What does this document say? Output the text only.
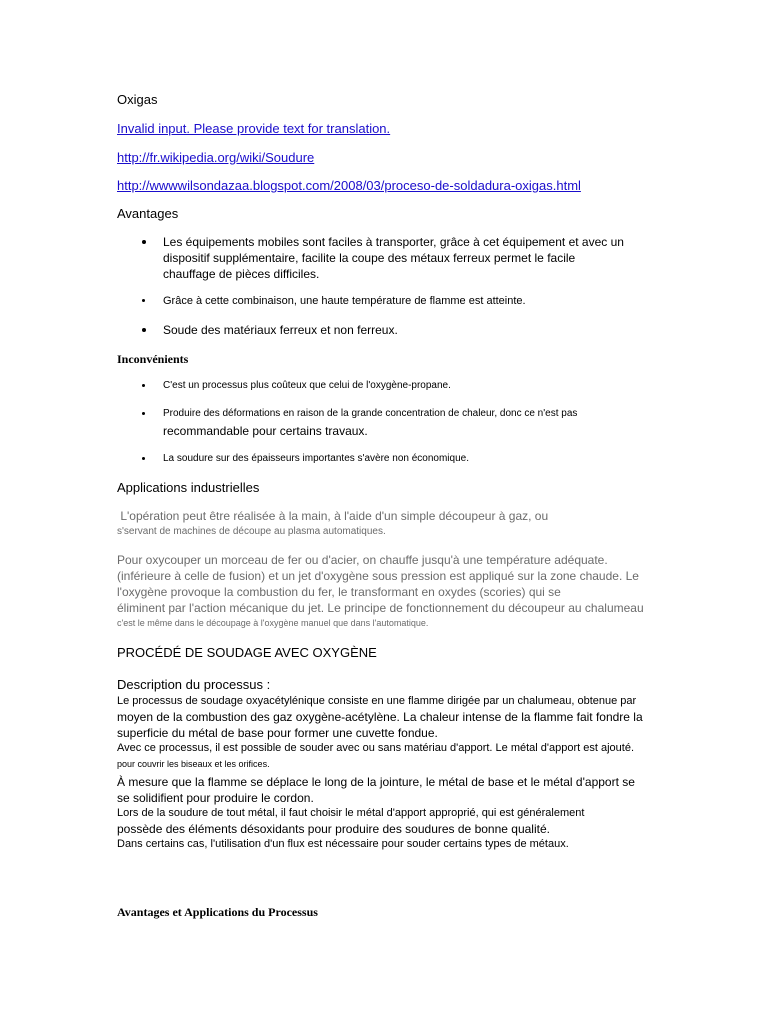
Oxigas
Invalid input. Please provide text for translation.
http://fr.wikipedia.org/wiki/Soudure
http://wwwwilsondazaa.blogspot.com/2008/03/proceso-de-soldadura-oxigas.html
Avantages
Les équipements mobiles sont faciles à transporter, grâce à cet équipement et avec un
dispositif supplémentaire, facilite la coupe des métaux ferreux permet le facile
chauffage de pièces difficiles.
Grâce à cette combinaison, une haute température de flamme est atteinte.
Soude des matériaux ferreux et non ferreux.
Inconvénients
C'est un processus plus coûteux que celui de l'oxygène-propane.
Produire des déformations en raison de la grande concentration de chaleur, donc ce n'est pas
recommandable pour certains travaux.
La soudure sur des épaisseurs importantes s'avère non économique.
Applications industrielles
L'opération peut être réalisée à la main, à l'aide d'un simple découpeur à gaz, ou
s'servant de machines de découpe au plasma automatiques.
Pour oxycouper un morceau de fer ou d'acier, on chauffe jusqu'à une température adéquate.
(inférieure à celle de fusion) et un jet d'oxygène sous pression est appliqué sur la zone chaude. Le
l'oxygène provoque la combustion du fer, le transformant en oxydes (scories) qui se
éliminent par l'action mécanique du jet. Le principe de fonctionnement du découpeur au chalumeau
c'est le même dans le découpage à l'oxygène manuel que dans l'automatique.
PROCÉDÉ DE SOUDAGE AVEC OXYGÈNE
Description du processus :
Le processus de soudage oxyacétylénique consiste en une flamme dirigée par un chalumeau, obtenue par
moyen de la combustion des gaz oxygène-acétylène. La chaleur intense de la flamme fait fondre la
superficie du métal de base pour former une cuvette fondue.
Avec ce processus, il est possible de souder avec ou sans matériau d'apport. Le métal d'apport est ajouté.
pour couvrir les biseaux et les orifices.
À mesure que la flamme se déplace le long de la jointure, le métal de base et le métal d'apport se
se solidifient pour produire le cordon.
Lors de la soudure de tout métal, il faut choisir le métal d'apport approprié, qui est généralement
possède des éléments désoxidants pour produire des soudures de bonne qualité.
Dans certains cas, l'utilisation d'un flux est nécessaire pour souder certains types de métaux.
Avantages et Applications du Processus
